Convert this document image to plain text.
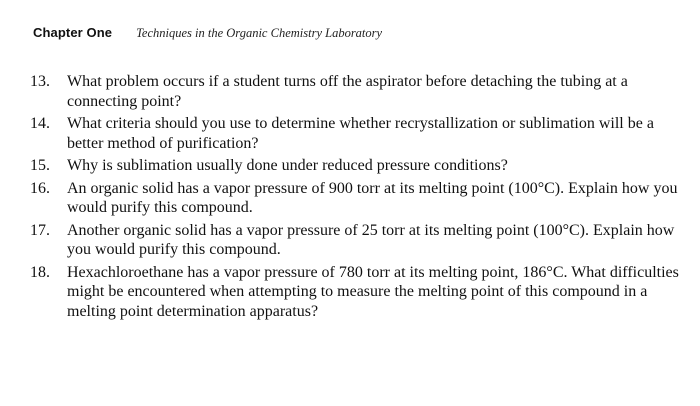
Chapter One Techniques in the Organic Chemistry Laboratory
13.	What problem occurs if a student turns off the aspirator before detaching the tubing at a connecting point?
14.	What criteria should you use to determine whether recrystallization or sublimation will be a better method of purification?
15.	Why is sublimation usually done under reduced pressure conditions?
16.	An organic solid has a vapor pressure of 900 torr at its melting point (100°C). Explain how you would purify this compound.
17.	Another organic solid has a vapor pressure of 25 torr at its melting point (100°C). Explain how you would purify this compound.
18.	Hexachloroethane has a vapor pressure of 780 torr at its melting point, 186°C. What difficulties might be encountered when attempting to measure the melting point of this compound in a melting point determination apparatus?
